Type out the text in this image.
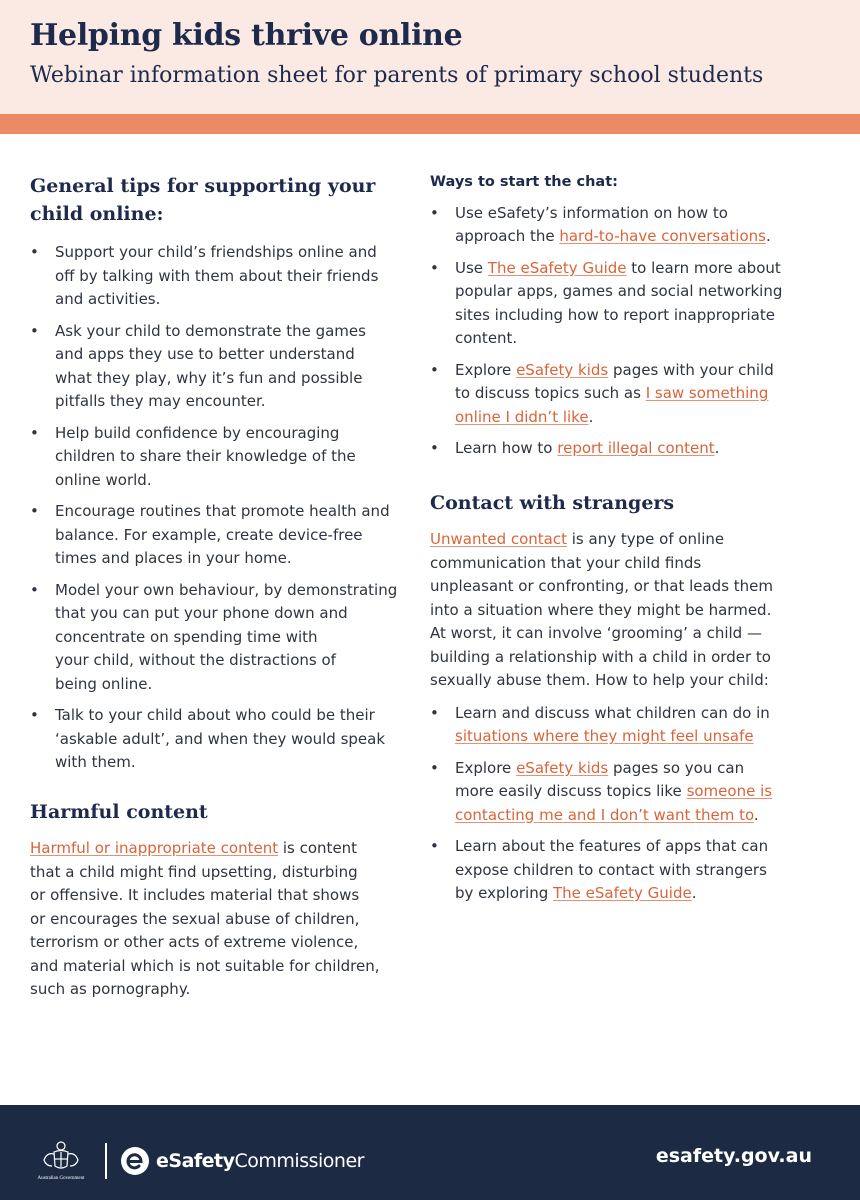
Helping kids thrive online
Webinar information sheet for parents of primary school students
General tips for supporting your
child online:
• Support your child’s friendships online and
off by talking with them about their friends
and activities.
• Ask your child to demonstrate the games
and apps they use to better understand
what they play, why it’s fun and possible
pitfalls they may encounter.
• Help build confidence by encouraging
children to share their knowledge of the
online world.
• Encourage routines that promote health and
balance. For example, create device-free
times and places in your home.
• Model your own behaviour, by demonstrating
that you can put your phone down and
concentrate on spending time with
your child, without the distractions of
being online.
• Talk to your child about who could be their
‘askable adult’, and when they would speak
with them.
Harmful content

Harmful or inappropriate content is content
that a child might find upsetting, disturbing
or offensive. It includes material that shows
or encourages the sexual abuse of children,
terrorism or other acts of extreme violence,
and material which is not suitable for children,
such as pornography.

Ways to start the chat:
• Use eSafety’s information on how to
approach the hard-to-have conversations.
• Use The eSafety Guide to learn more about
popular apps, games and social networking
sites including how to report inappropriate
content.
• Explore eSafety kids pages with your child
to discuss topics such as I saw something
online I didn’t like.
• Learn how to report illegal content.
Contact with strangers

Unwanted contact is any type of online
communication that your child finds
unpleasant or confronting, or that leads them
into a situation where they might be harmed.
At worst, it can involve ‘grooming’ a child —
building a relationship with a child in order to
sexually abuse them. How to help your child:

• Learn and discuss what children can do in
situations where they might feel unsafe
• Explore eSafety kids pages so you can
more easily discuss topics like someone is
contacting me and I don’t want them to.
• Learn about the features of apps that can
expose children to contact with strangers
by exploring The eSafety Guide.
Australian Government
eSafetyCommissioner	esafety.gov.au
